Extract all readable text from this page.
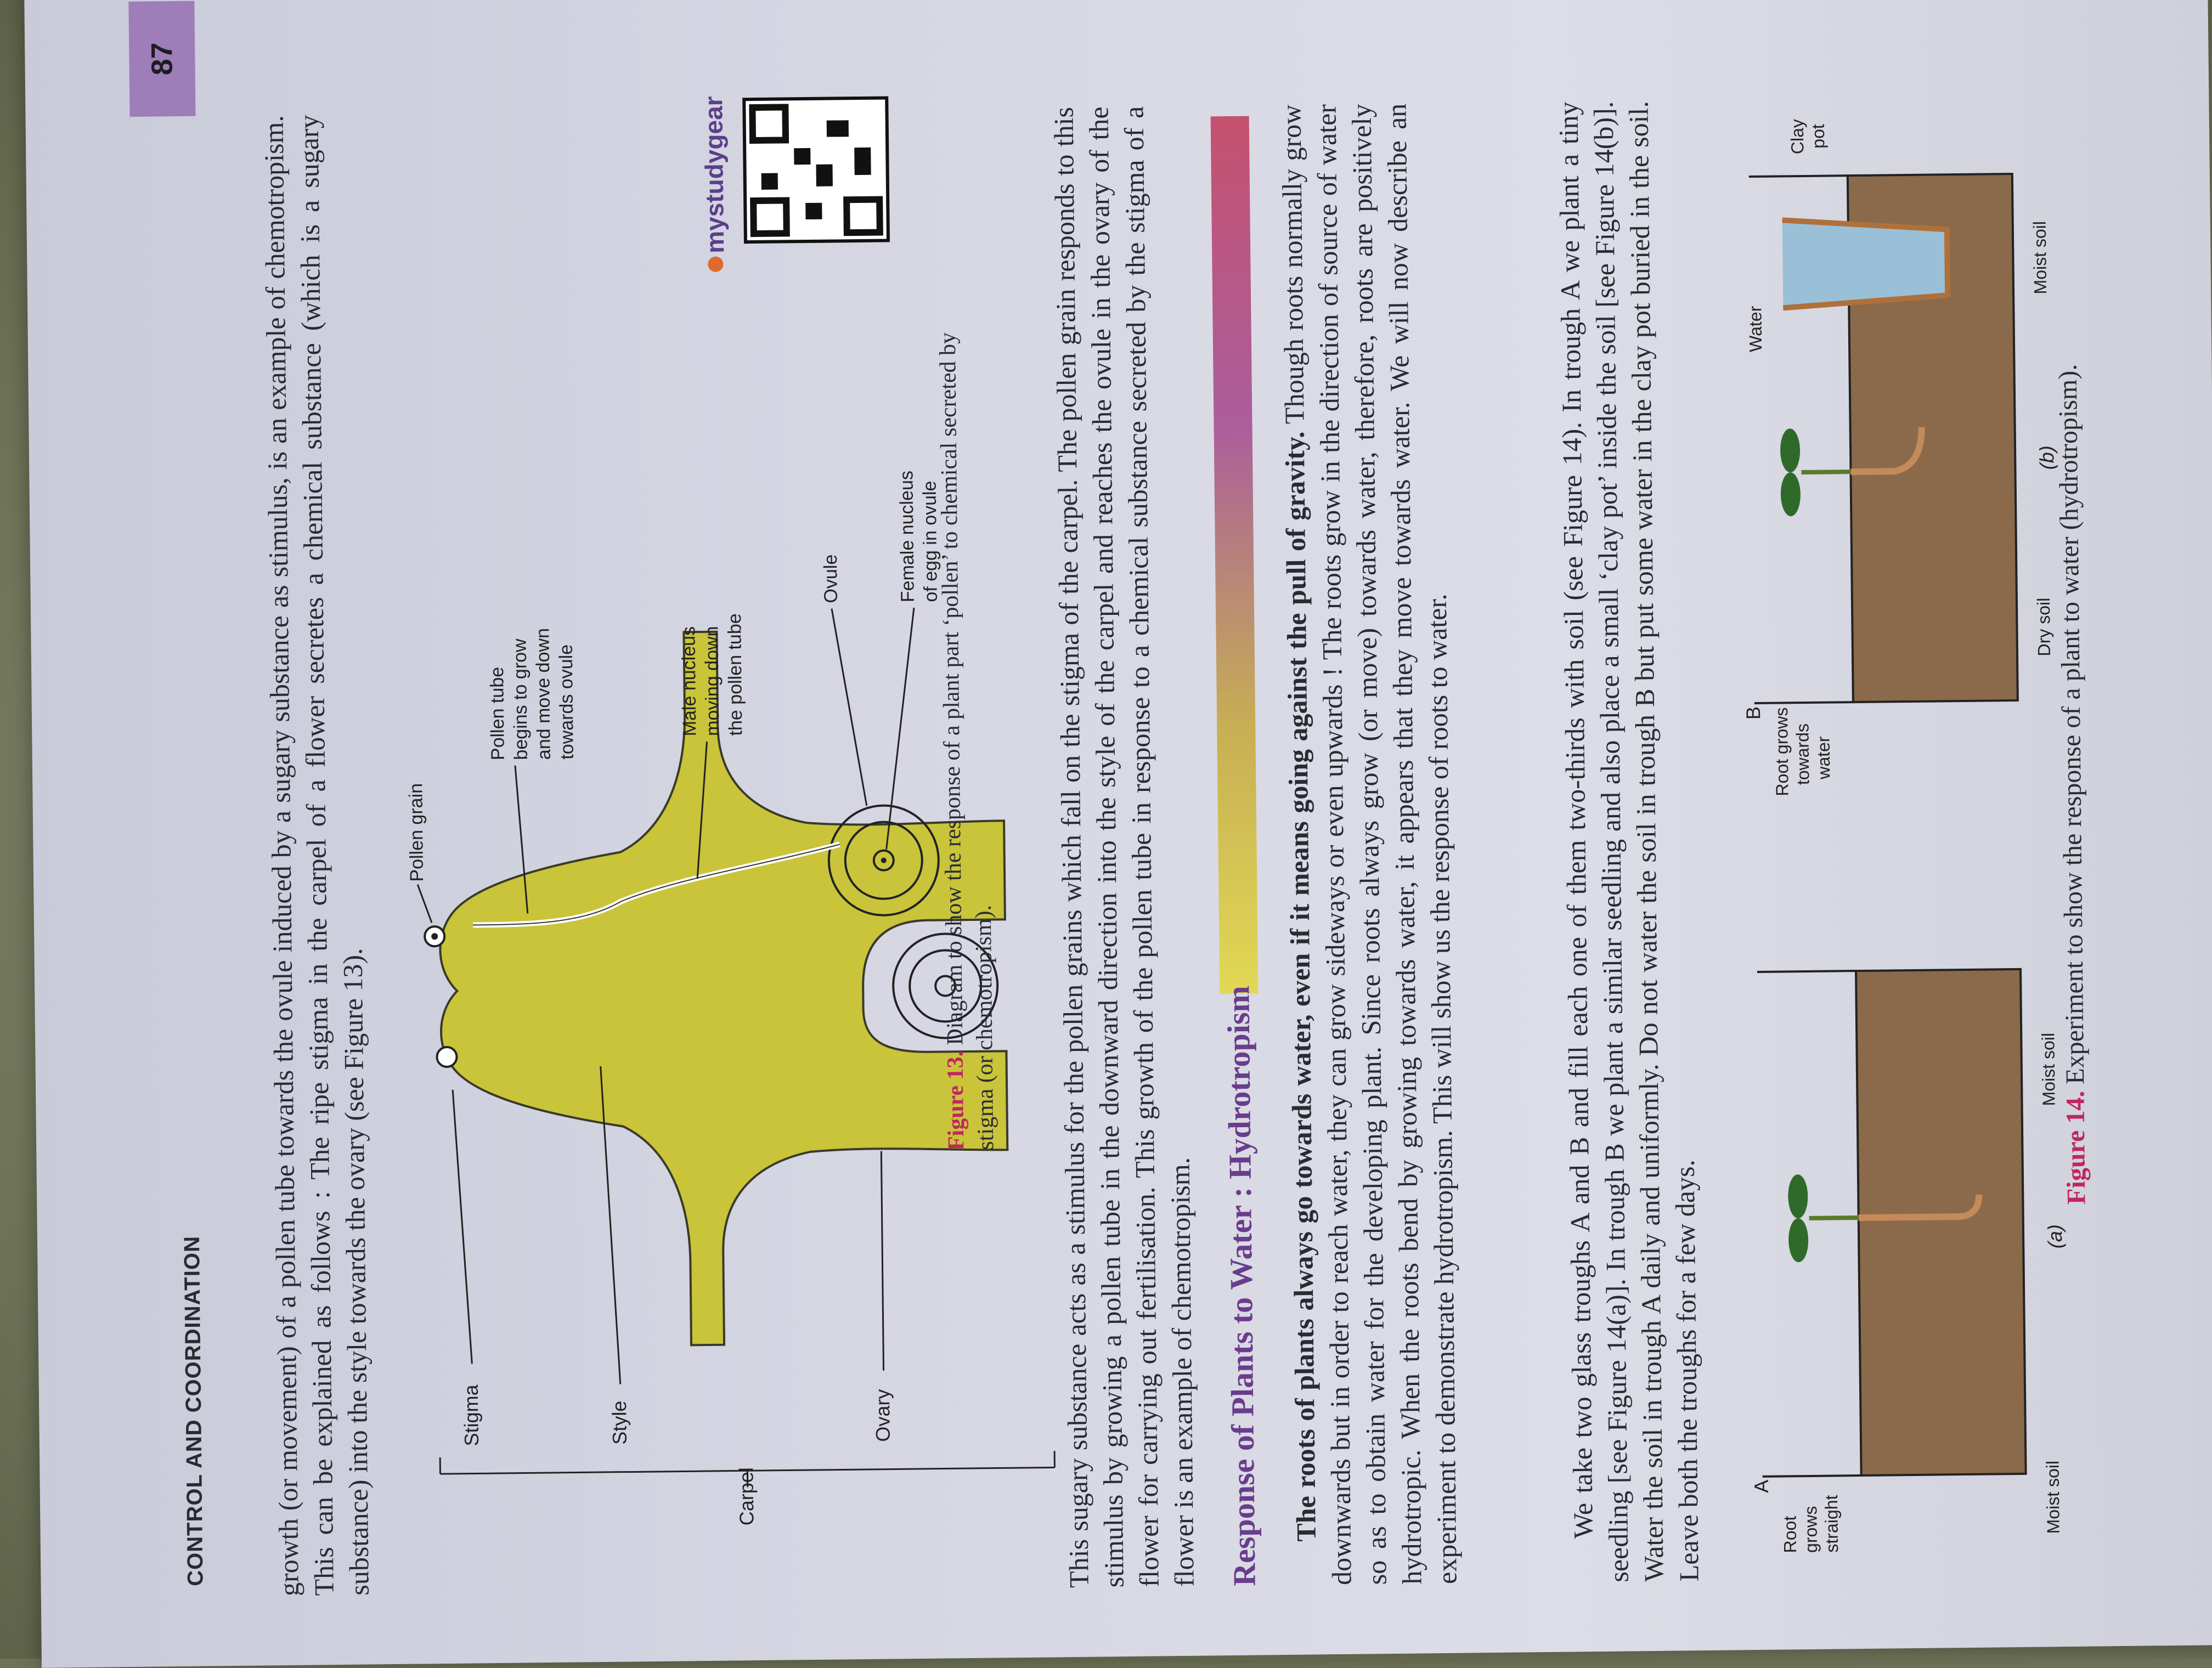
CONTROL AND COORDINATION
87

growth (or movement) of a pollen tube towards the ovule induced by a sugary substance as stimulus, is an example of chemotropism. This can be explained as follows : The ripe stigma in the carpel of a flower secretes a chemical substance (which is a sugary substance) into the style towards the ovary (see Figure 13).	Carpel
Stigma	Style	Ovary
Pollen grain
Pollen tube begins to grow and move down towards ovule	Male nucleus moving down the pollen tube
Ovule	Female nucleus of egg in ovule
Figure 13. Diagram to show the response of a plant part ‘pollen’ to chemical secreted by stigma (or chemotropism).
mystudygear	This sugary substance acts as a stimulus for the pollen grains which fall on the stigma of the carpel. The pollen grain responds to this stimulus by growing a pollen tube in the downward direction into the style of the carpel and reaches the ovule in the ovary of the flower for carrying out fertilisation. This growth of the pollen tube in response to a chemical substance secreted by the stigma of a flower is an example of chemotropism. Response of Plants to Water : Hydrotropism The roots of plants always go towards water, even if it means going against the pull of gravity. Though roots normally grow downwards but in order to reach water, they can grow sideways or even upwards ! The roots grow in the direction of source of water so as to obtain water for the developing plant. Since roots always grow (or move) towards water, therefore, roots are positively hydrotropic. When the roots bend by growing towards water, it appears that they move towards water. We will now describe an experiment to demonstrate hydrotropism. This will show us the response of roots to water.	We take two glass troughs A and B and fill each one of them two-thirds with soil (see Figure 14). In trough A we plant a tiny seedling [see Figure 14(a)]. In trough B we plant a similar seedling and also place a small ‘clay pot’ inside the soil [see Figure 14(b)]. Water the soil in trough A daily and uniformly. Do not water the soil in trough B but put some water in the clay pot buried in the soil. Leave both the troughs for a few days. A
Root grows straight	Moist soil
Moist soil
(a)
B Root grows towards water
Dry soil
Water
Moist soil
Clay pot
(b)
Figure 14. Experiment to show the response of a plant to water (hydrotropism).
